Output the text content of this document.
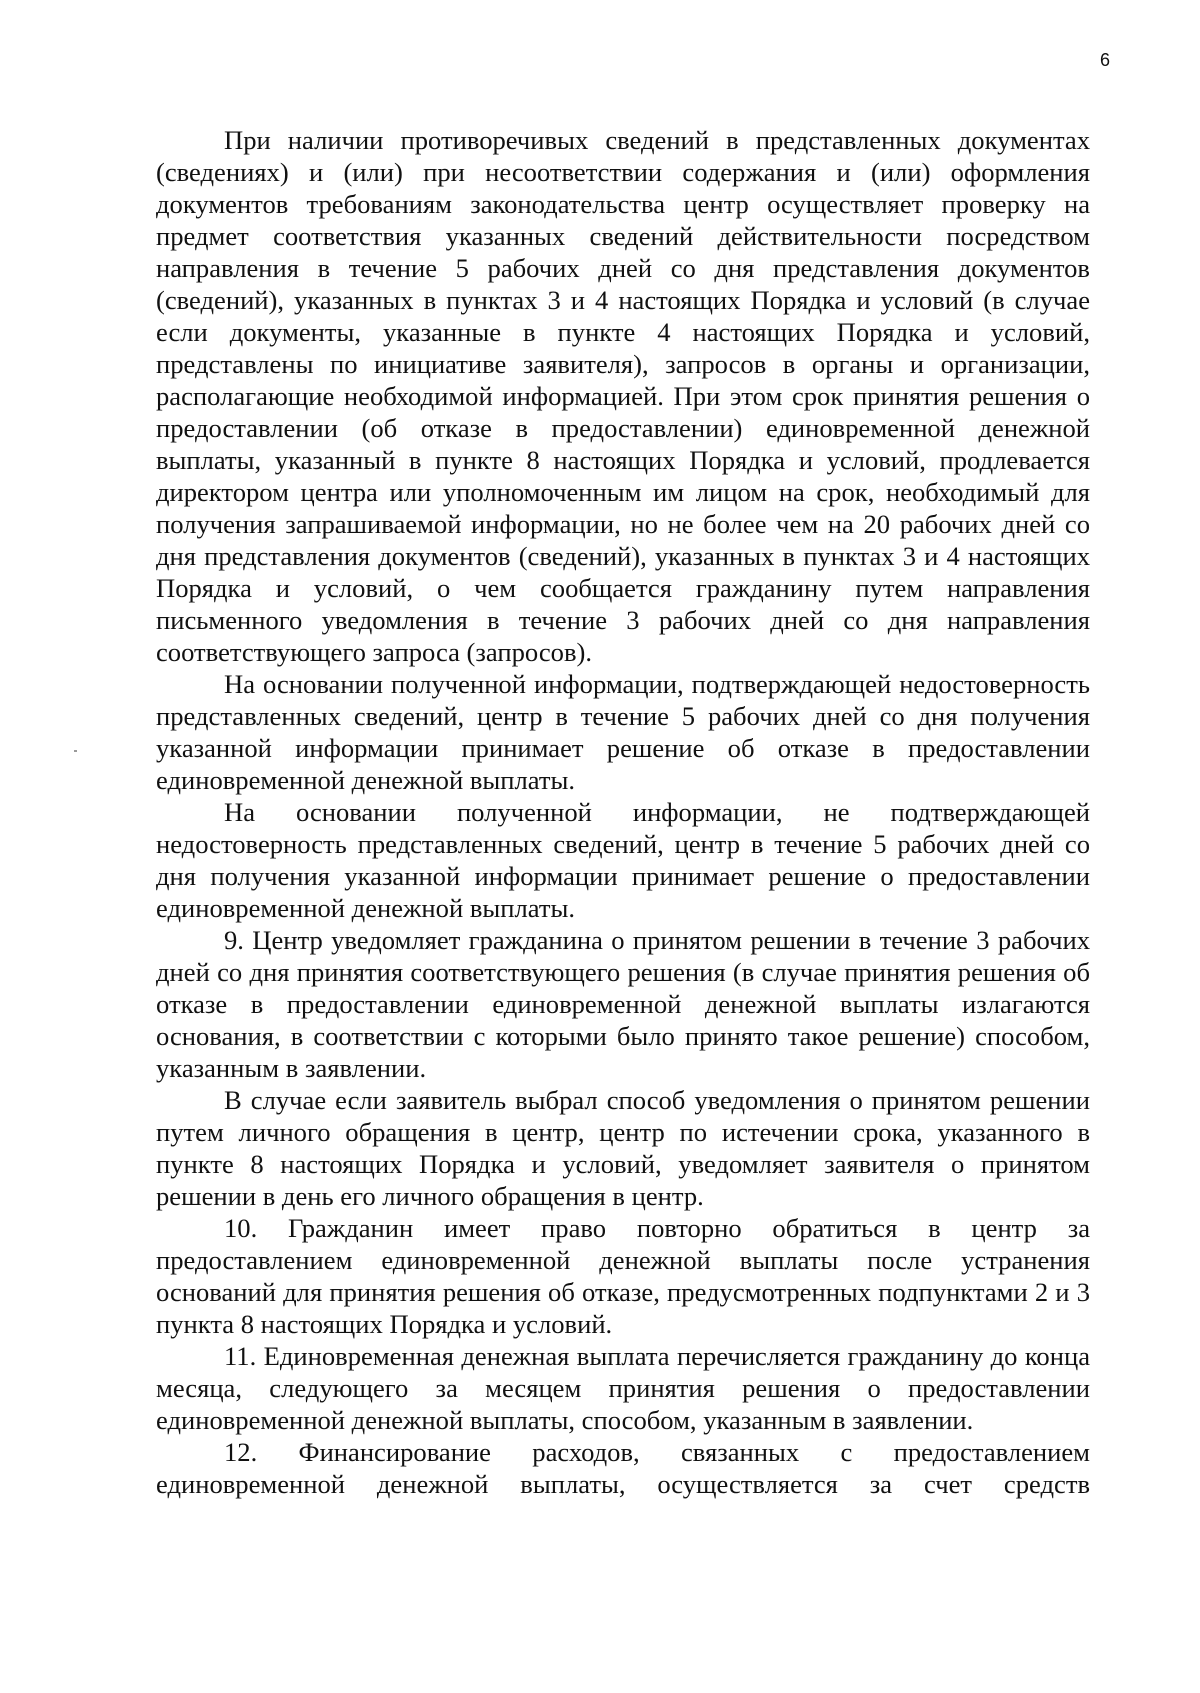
6

При наличии противоречивых сведений в представленных документах (сведениях) и (или) при несоответствии содержания и (или) оформления документов требованиям законодательства центр осуществляет проверку на предмет соответствия указанных сведений действительности посредством направления в течение 5 рабочих дней со дня представления документов (сведений), указанных в пунктах 3 и 4 настоящих Порядка и условий (в случае если документы, указанные в пункте 4 настоящих Порядка и условий, представлены по инициативе заявителя), запросов в органы и организации, располагающие необходимой информацией. При этом срок принятия решения о предоставлении (об отказе в предоставлении) единовременной денежной выплаты, указанный в пункте 8 настоящих Порядка и условий, продлевается директором центра или уполномоченным им лицом на срок, необходимый для получения запрашиваемой информации, но не более чем на 20 рабочих дней со дня представления документов (сведений), указанных в пунктах 3 и 4 настоящих Порядка и условий, о чем сообщается гражданину путем направления письменного уведомления в течение 3 рабочих дней со дня направления соответствующего запроса (запросов).

На основании полученной информации, подтверждающей недостоверность представленных сведений, центр в течение 5 рабочих дней со дня получения указанной информации принимает решение об отказе в предоставлении единовременной денежной выплаты.

На основании полученной информации, не подтверждающей недостоверность представленных сведений, центр в течение 5 рабочих дней со дня получения указанной информации принимает решение о предоставлении единовременной денежной выплаты.

9. Центр уведомляет гражданина о принятом решении в течение 3 рабочих дней со дня принятия соответствующего решения (в случае принятия решения об отказе в предоставлении единовременной денежной выплаты излагаются основания, в соответствии с которыми было принято такое решение) способом, указанным в заявлении.

В случае если заявитель выбрал способ уведомления о принятом решении путем личного обращения в центр, центр по истечении срока, указанного в пункте 8 настоящих Порядка и условий, уведомляет заявителя о принятом решении в день его личного обращения в центр.

10. Гражданин имеет право повторно обратиться в центр за предоставлением единовременной денежной выплаты после устранения оснований для принятия решения об отказе, предусмотренных подпунктами 2 и 3 пункта 8 настоящих Порядка и условий.

11. Единовременная денежная выплата перечисляется гражданину до конца месяца, следующего за месяцем принятия решения о предоставлении единовременной денежной выплаты, способом, указанным в заявлении.

12. Финансирование расходов, связанных с предоставлением единовременной денежной выплаты, осуществляется за счет средств
